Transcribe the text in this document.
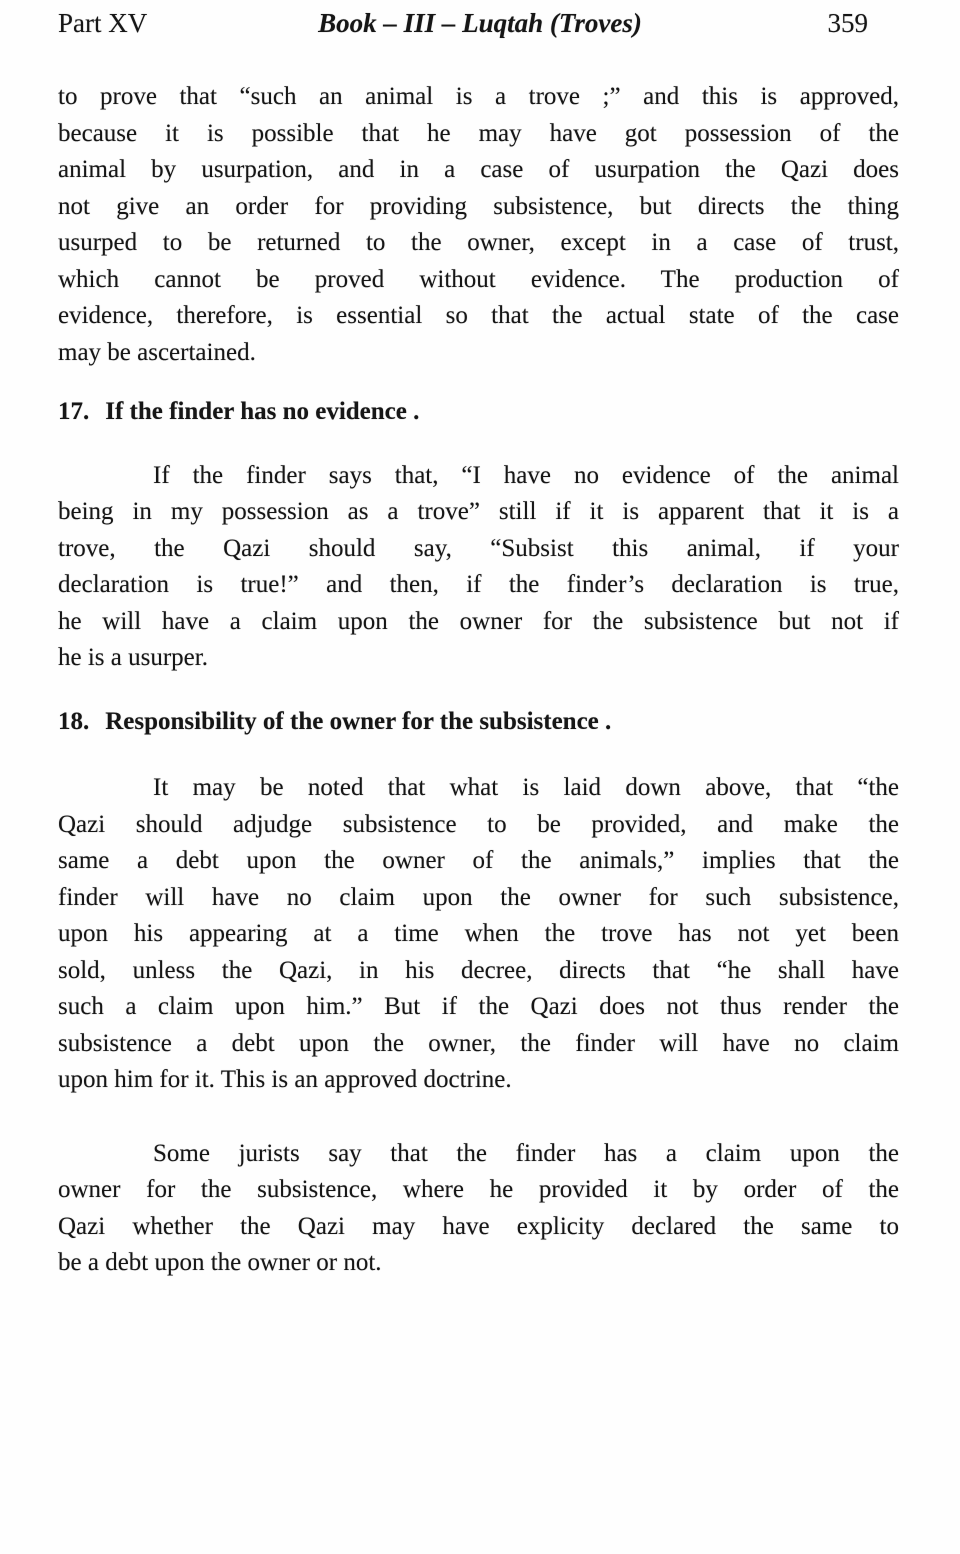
Part XV	Book – III – Luqtah (Troves)	359
to prove that “such an animal is a trove ;” and this is approved,
because it is possible that he may have got possession of the
animal by usurpation, and in a case of usurpation the Qazi does
not give an order for providing subsistence, but directs the thing
usurped to be returned to the owner, except in a case of trust,
which cannot be proved without evidence. The production of
evidence, therefore, is essential so that the actual state of the case
may be ascertained.
17. If the finder has no evidence .
If the finder says that, “I have no evidence of the animal
being in my possession as a trove” still if it is apparent that it is a
trove, the Qazi should say, “Subsist this animal, if your
declaration is true!” and then, if the finder’s declaration is true,
he will have a claim upon the owner for the subsistence but not if
he is a usurper.
18. Responsibility of the owner for the subsistence .
It may be noted that what is laid down above, that “the
Qazi should adjudge subsistence to be provided, and make the
same a debt upon the owner of the animals,” implies that the
finder will have no claim upon the owner for such subsistence,
upon his appearing at a time when the trove has not yet been
sold, unless the Qazi, in his decree, directs that “he shall have
such a claim upon him.” But if the Qazi does not thus render the
subsistence a debt upon the owner, the finder will have no claim
upon him for it. This is an approved doctrine.
Some jurists say that the finder has a claim upon the
owner for the subsistence, where he provided it by order of the
Qazi whether the Qazi may have explicity declared the same to
be a debt upon the owner or not.
